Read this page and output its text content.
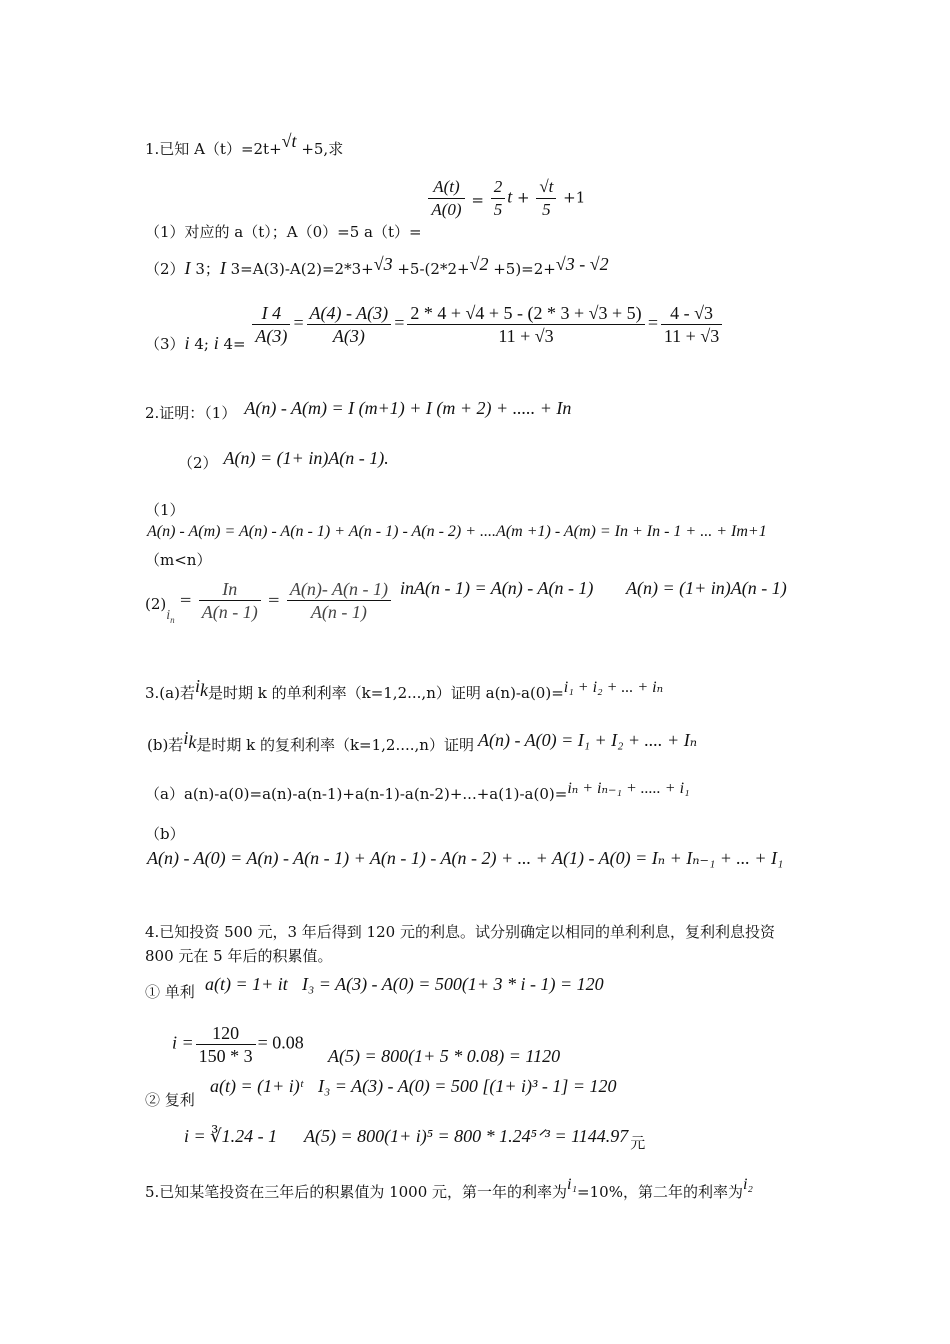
1.已知 A（t）=2t+√t +5,求
（1）对应的 a（t）；A（0）=5 a（t）=
$\frac{A(t)}{A(0)} = \frac{2}{5}$ $t + \frac{√t}{5} +1$
（2）I 3；I 3=A(3)-A(2)=2*3+√3 +5-(2*2+√2 +5)=2+√3 - √2
（3）i 4; i $4= \frac{I 4}{A(3)} = \frac{A(4) - A(3)}{A(3)} = \frac{2 * 4 + √4 + 5 - (2 * 3 + √3 + 5)}{11 + √3} = \frac{4 - √3}{11 + √3}$
2.证明：（1） A(n) - A(m) = I (m+1) + I (m + 2) + ..... + In
（2） A(n) = (1+ in)A(n - 1).
（1）
A(n) - A(m) = A(n) - A(n - 1) + A(n - 1) - A(n - 2) + ....A(m +1) - A(m) = In + In - 1 + ... + Im+1
（m<n）
$(2)i_n = \frac{In}{A(n - 1)} = \frac{A(n)- A(n - 1)}{A(n - 1)} inA(n - 1) = A(n) - A(n - 1) A(n) = (1+ in)A(n - 1)$
3.(a)若$i_k$是时期 k 的单利利率（k=1,2...,n）证明 a(n)-a(0)=i₁ + i₂ + ... + iₙ
(b)若$i_k$是时期 k 的复利利率（k=1,2....,n）证明 A(n) - A(0) = I₁ + I₂ + .... + Iₙ
（a）a(n)-a(0)=a(n)-a(n-1)+a(n-1)-a(n-2)+...+a(1)-a(0)=iₙ + iₙ₋₁ + ..... + i₁
（b）
A(n) - A(0) = A(n) - A(n - 1) + A(n - 1) - A(n - 2) + ... + A(1) - A(0) = Iₙ + Iₙ₋₁ + ... + I₁
4.已知投资 500 元，3 年后得到 120 元的利息。试分别确定以相同的单利利息，复利利息投资
800 元在 5 年后的积累值。
① 单利 a(t) = 1+ it I₃ = A(3) - A(0) = 500(1+ 3 * i - 1) = 120
$i = \frac{120}{150 * 3} = 0.08$
A(5) = 800(1+ 5 * 0.08) = 1120
② 复利
a(t) = (1+ i)ᵗ I₃ = A(3) - A(0) = 500 [(1+ i)³ - 1] = 120
i = ∛1.24 - 1 A(5) = 800(1+ i)⁵ = 800 * 1.24⁵ᐟ³ = 1144.97 元
5.已知某笔投资在三年后的积累值为 1000 元，第一年的利率为i₁=10%，第二年的利率为i₂
